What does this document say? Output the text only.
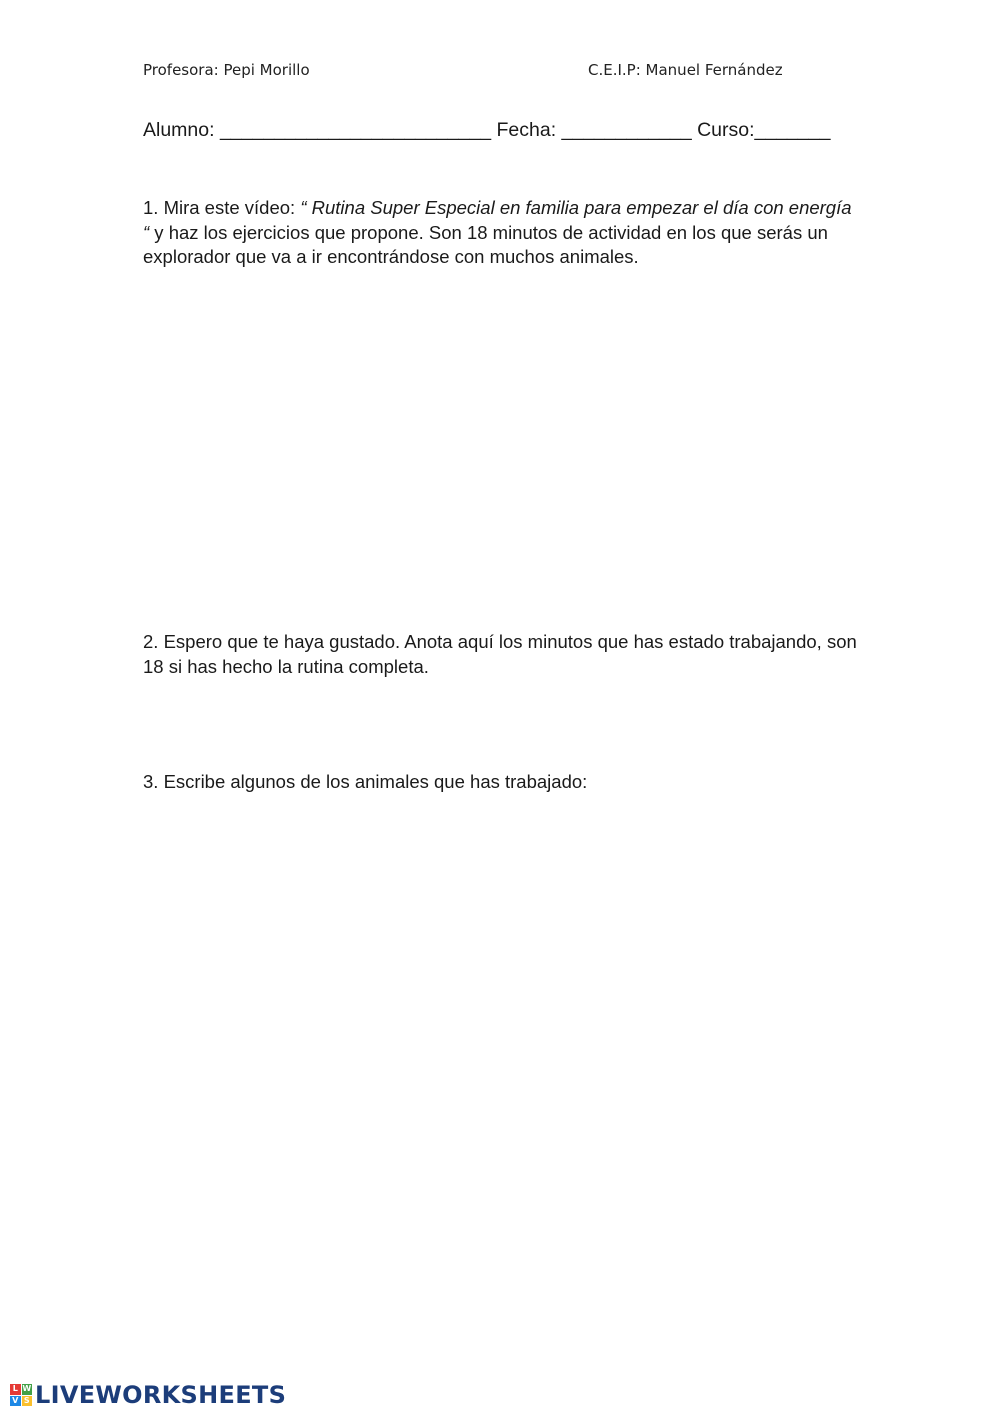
Profesora: Pepi Morillo	C.E.I.P: Manuel Fernández
Alumno: _________________________ Fecha: ____________ Curso:_______
1. Mira este vídeo: “ Rutina Super Especial en familia para empezar el día con energía “ y haz los ejercicios que propone. Son 18 minutos de actividad en los que serás un explorador que va a ir encontrándose con muchos animales.
2. Espero que te haya gustado. Anota aquí los minutos que has estado trabajando, son 18 si has hecho la rutina completa.
3. Escribe algunos de los animales que has trabajado:
L W
V S LIVEWORKSHEETS
